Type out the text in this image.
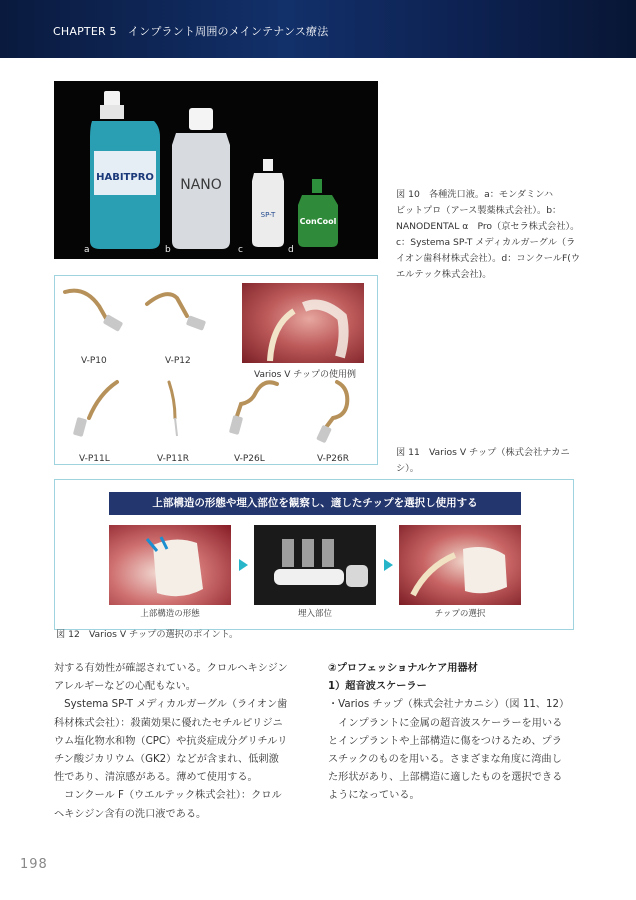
CHAPTER 5　インプラント周囲のメインテナンス療法
HABITPRO NANO
SP-T
ConCool
a	b	c	d
図 10　各種洗口液。a：モンダミンハ
ビットプロ（アース製薬株式会社）。b：
NANODENTAL α　Pro（京セラ株式会社）。
c：Systema SP-T メディカルガーグル（ラ
イオン歯科材株式会社）。d：コンクールF(ウ
エルテック株式会社)。
V-P10	V-P12
Varios V チップの使用例
V-P11L	V-P11R	V-P26L	V-P26R
図 11　Varios V チップ（株式会社ナカニ
シ）。
上部構造の形態や埋入部位を観察し、適したチップを選択し使用する
上部構造の形態	埋入部位	チップの選択
図 12　Varios V チップの選択のポイント。

対する有効性が確認されている。クロルヘキシジン

アレルギーなどの心配もない。

　Systema SP-T メディカルガーグル（ライオン歯

科材株式会社）：殺菌効果に優れたセチルピリジニ

ウム塩化物水和物（CPC）や抗炎症成分グリチルリ

チン酸ジカリウム（GK2）などが含まれ、低刺激

性であり、清涼感がある。薄めて使用する。

　コンクール F（ウエルテック株式会社）：クロル

ヘキシジン含有の洗口液である。

②プロフェッショナルケア用器材

1）超音波スケーラー

・Varios チップ（株式会社ナカニシ）（図 11、12）

　インプラントに金属の超音波スケーラーを用いる

とインプラントや上部構造に傷をつけるため、プラ

スチックのものを用いる。さまざまな角度に湾曲し

た形状があり、上部構造に適したものを選択できる

ようになっている。

198
